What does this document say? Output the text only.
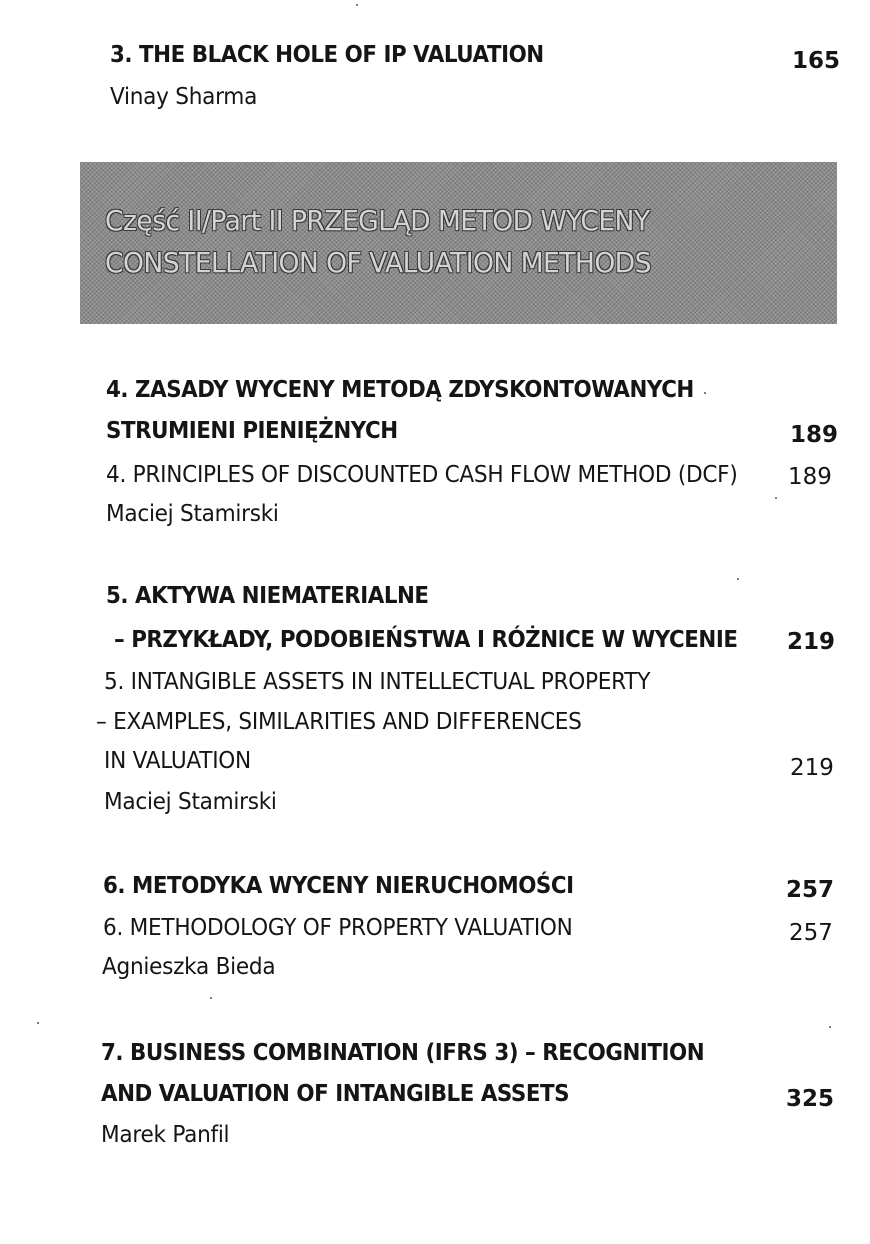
3. THE BLACK HOLE OF IP VALUATION	165
Vinay Sharma
Część II/Part II PRZEGLĄD METOD WYCENY
CONSTELLATION OF VALUATION METHODS
4. ZASADY WYCENY METODĄ ZDYSKONTOWANYCH
STRUMIENI PIENIĘŻNYCH	189
4. PRINCIPLES OF DISCOUNTED CASH FLOW METHOD (DCF) 189
Maciej Stamirski
5. AKTYWA NIEMATERIALNE
– PRZYKŁADY, PODOBIEŃSTWA I RÓŻNICE W WYCENIE 219
5. INTANGIBLE ASSETS IN INTELLECTUAL PROPERTY
– EXAMPLES, SIMILARITIES AND DIFFERENCES
IN VALUATION	219
Maciej Stamirski
6. METODYKA WYCENY NIERUCHOMOŚCI	257
6. METHODOLOGY OF PROPERTY VALUATION	257
Agnieszka Bieda
7. BUSINESS COMBINATION (IFRS 3) – RECOGNITION
AND VALUATION OF INTANGIBLE ASSETS	325
Marek Panfil
